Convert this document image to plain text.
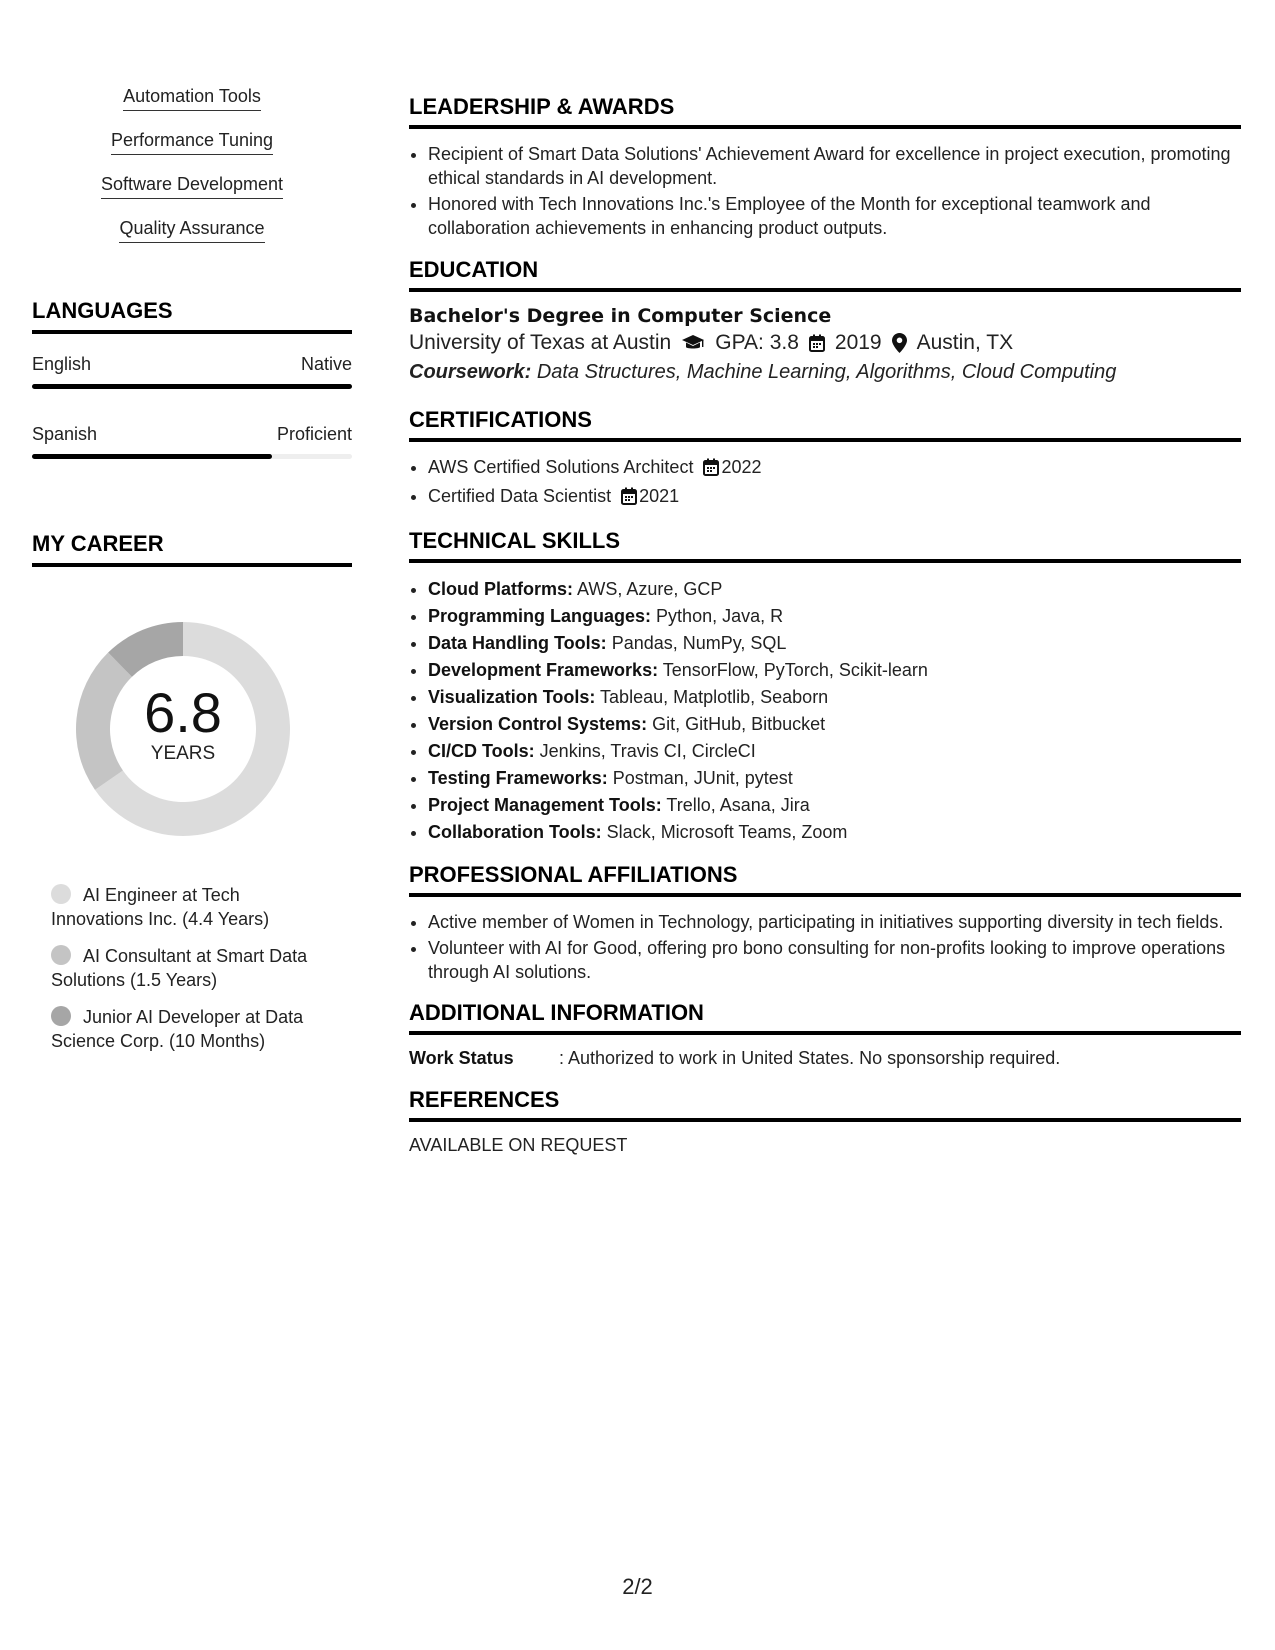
Automation Tools
Performance Tuning
Software Development
Quality Assurance
LANGUAGES
English	Native
Spanish	Proficient
MY CAREER
6.8
YEARS
AI Engineer at Tech Innovations Inc. (4.4 Years)
AI Consultant at Smart Data Solutions (1.5 Years)
Junior AI Developer at Data Science Corp. (10 Months)
LEADERSHIP & AWARDS
• Recipient of Smart Data Solutions' Achievement Award for excellence in project execution, promoting ethical standards in AI development.
• Honored with Tech Innovations Inc.'s Employee of the Month for exceptional teamwork and collaboration achievements in enhancing product outputs.
EDUCATION
Bachelor's Degree in Computer Science
University of Texas at Austin GPA: 3.8 2019 Austin, TX
Coursework: Data Structures, Machine Learning, Algorithms, Cloud Computing
CERTIFICATIONS
• AWS Certified Solutions Architect 2022
• Certified Data Scientist 2021
TECHNICAL SKILLS
• Cloud Platforms: AWS, Azure, GCP
• Programming Languages: Python, Java, R
• Data Handling Tools: Pandas, NumPy, SQL
• Development Frameworks: TensorFlow, PyTorch, Scikit-learn
• Visualization Tools: Tableau, Matplotlib, Seaborn
• Version Control Systems: Git, GitHub, Bitbucket
• CI/CD Tools: Jenkins, Travis CI, CircleCI
• Testing Frameworks: Postman, JUnit, pytest
• Project Management Tools: Trello, Asana, Jira
• Collaboration Tools: Slack, Microsoft Teams, Zoom
PROFESSIONAL AFFILIATIONS
• Active member of Women in Technology, participating in initiatives supporting diversity in tech fields.
• Volunteer with AI for Good, offering pro bono consulting for non-profits looking to improve operations through AI solutions.
ADDITIONAL INFORMATION
Work Status	: Authorized to work in United States. No sponsorship required.
REFERENCES
AVAILABLE ON REQUEST
2/2
